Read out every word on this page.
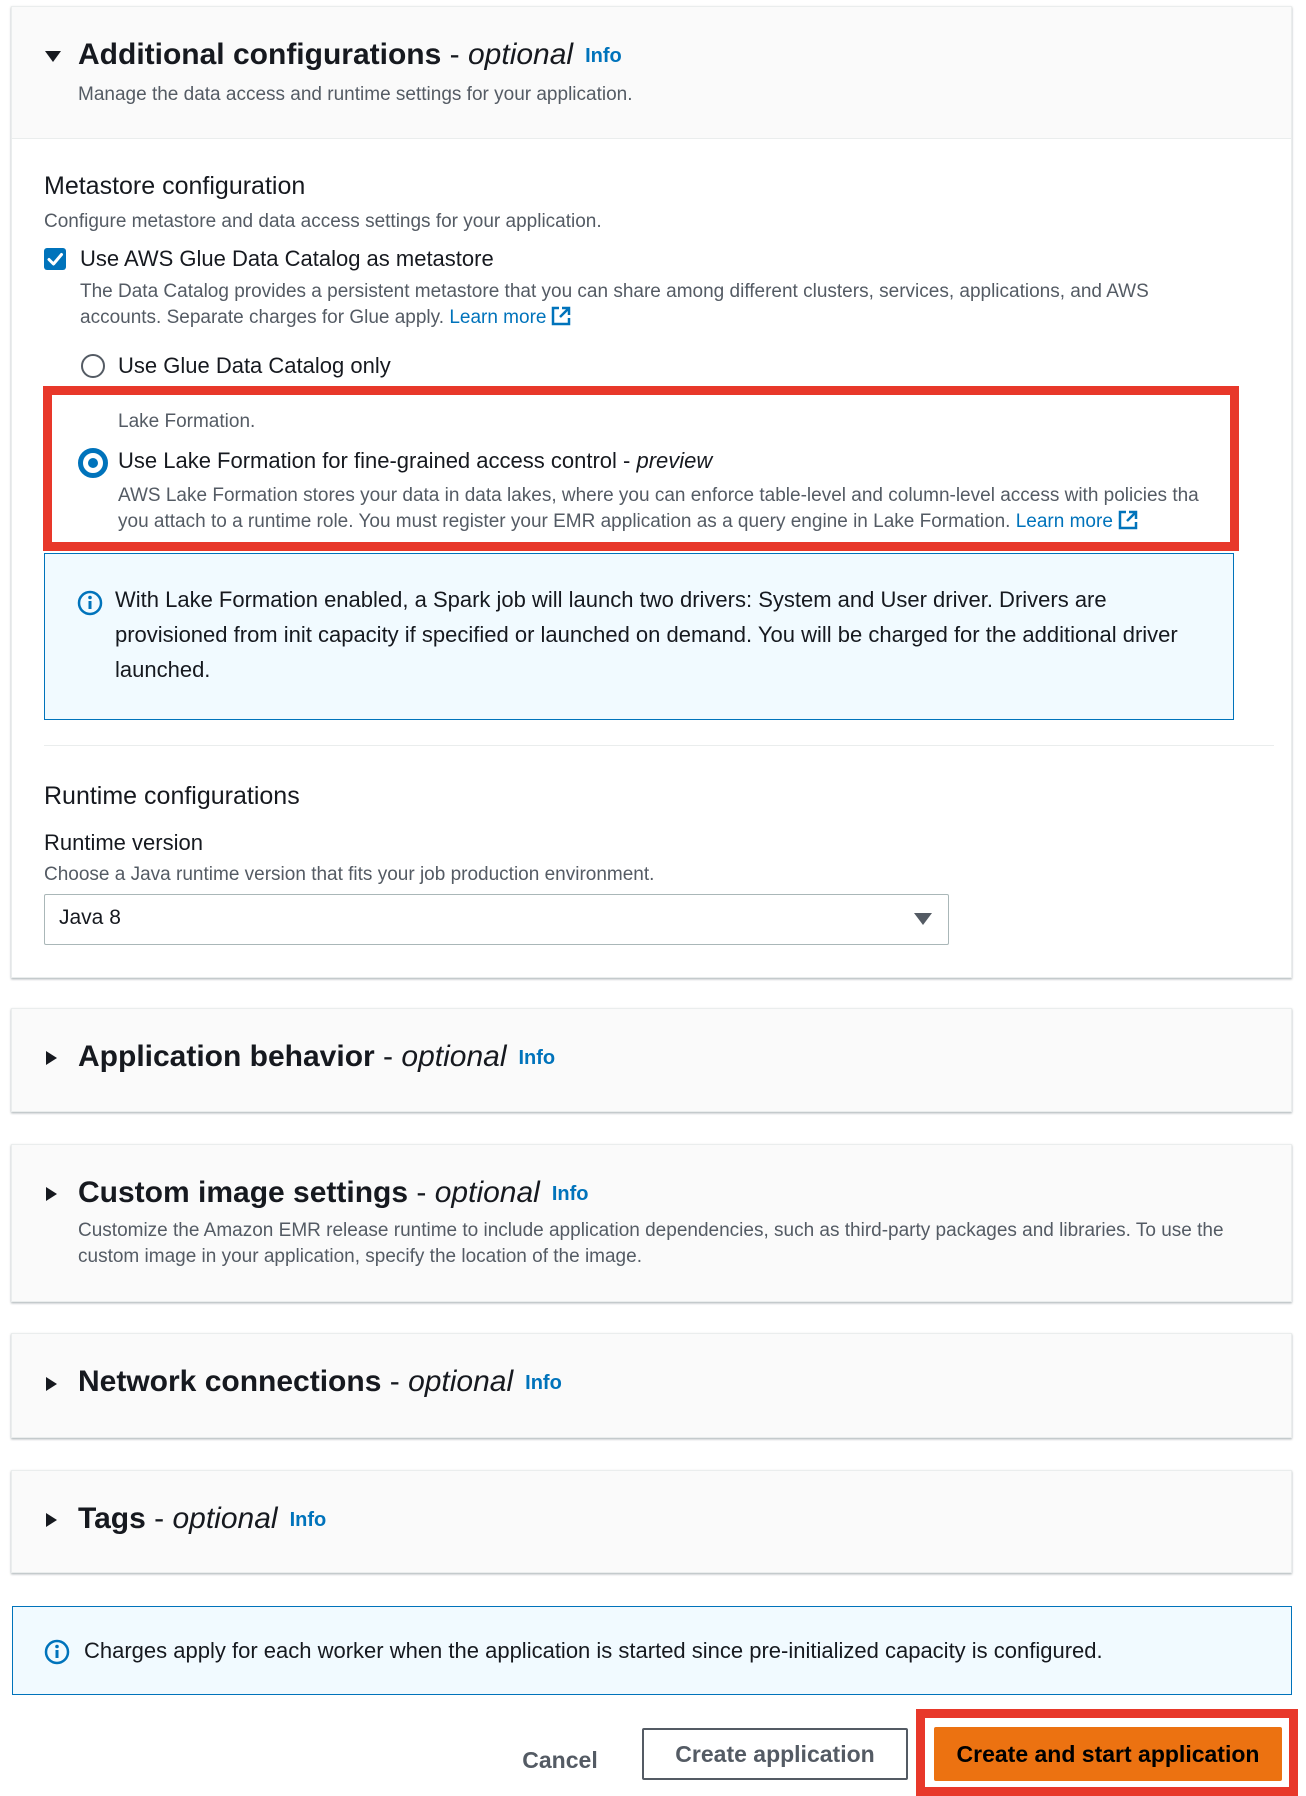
Additional configurations - optional Info
Manage the data access and runtime settings for your application.
Metastore configuration
Configure metastore and data access settings for your application.
Use AWS Glue Data Catalog as metastore
The Data Catalog provides a persistent metastore that you can share among different clusters, services, applications, and AWS
accounts. Separate charges for Glue apply. Learn more
Use Glue Data Catalog only
Lake Formation.
Use Lake Formation for fine-grained access control - preview
AWS Lake Formation stores your data in data lakes, where you can enforce table-level and column-level access with policies tha
you attach to a runtime role. You must register your EMR application as a query engine in Lake Formation. Learn more
With Lake Formation enabled, a Spark job will launch two drivers: System and User driver. Drivers are provisioned from init capacity if specified or launched on demand. You will be charged for the additional driver launched.
Runtime configurations
Runtime version
Choose a Java runtime version that fits your job production environment.
Java 8
Application behavior - optional Info
Custom image settings - optional Info
Customize the Amazon EMR release runtime to include application dependencies, such as third-party packages and libraries. To use the
custom image in your application, specify the location of the image.
Network connections - optional Info
Tags - optional Info
Charges apply for each worker when the application is started since pre-initialized capacity is configured.
Cancel	Create application	Create and start application
